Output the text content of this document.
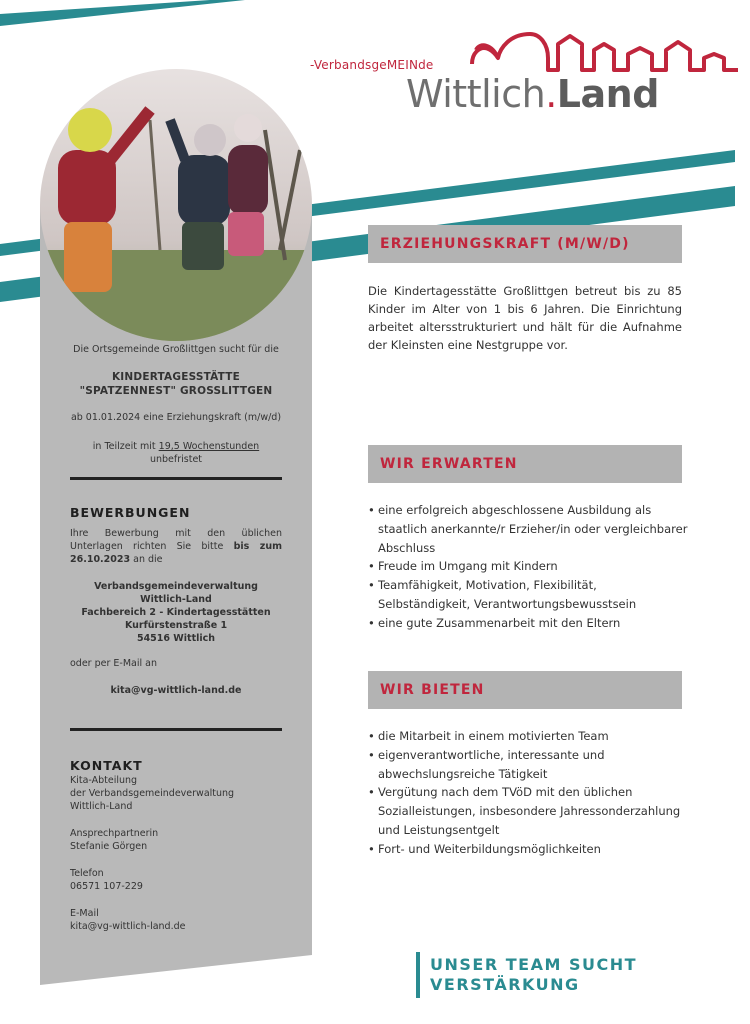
-VerbandsgeMEINde
Wittlich.Land
Die Ortsgemeinde Großlittgen sucht für die
KINDERTAGESSTÄTTE
"SPATZENNEST" GROSSLITTGEN
ab 01.01.2024 eine Erziehungskraft (m/w/d)
in Teilzeit mit 19,5 Wochenstunden
unbefristet
BEWERBUNGEN
Ihre Bewerbung mit den üblichen Unterlagen richten Sie bitte bis zum 26.10.2023 an die
Verbandsgemeindeverwaltung
Wittlich-Land
Fachbereich 2 - Kindertagesstätten
Kurfürstenstraße 1
54516 Wittlich
oder per E-Mail an
kita@vg-wittlich-land.de
KONTAKT
Kita-Abteilung
der Verbandsgemeindeverwaltung
Wittlich-Land
Ansprechpartnerin
Stefanie Görgen
Telefon
06571 107-229
E-Mail
kita@vg-wittlich-land.de
ERZIEHUNGSKRAFT (M/W/D)
Die Kindertagesstätte Großlittgen betreut bis zu 85 Kinder im Alter von 1 bis 6 Jahren. Die Einrichtung arbeitet altersstrukturiert und hält für die Aufnahme der Kleinsten eine Nestgruppe vor.
WIR ERWARTEN
• eine erfolgreich abgeschlossene Ausbildung als staatlich anerkannte/r Erzieher/in oder vergleichbarer Abschluss
• Freude im Umgang mit Kindern
• Teamfähigkeit, Motivation, Flexibilität, Selbständigkeit, Verantwortungsbewusstsein
• eine gute Zusammenarbeit mit den Eltern
WIR BIETEN
• die Mitarbeit in einem motivierten Team
• eigenverantwortliche, interessante und abwechslungsreiche Tätigkeit
• Vergütung nach dem TVöD mit den üblichen Sozialleistungen, insbesondere Jahressonderzahlung und Leistungsentgelt
• Fort- und Weiterbildungsmöglichkeiten
UNSER TEAM SUCHT
VERSTÄRKUNG
